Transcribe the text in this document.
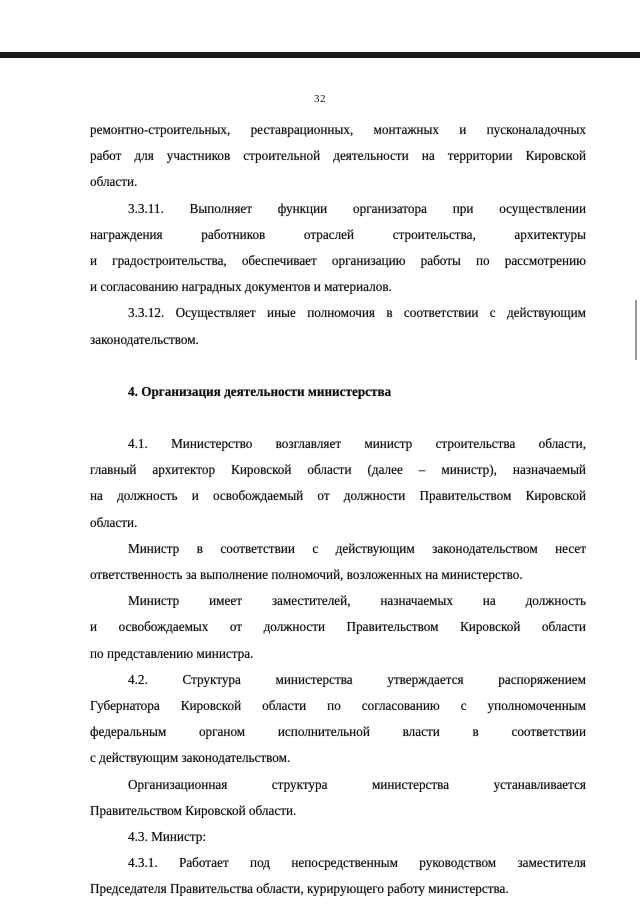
32
ремонтно-строительных, реставрационных, монтажных и пусконаладочных
работ для участников строительной деятельности на территории Кировской
области.
3.3.11. Выполняет функции организатора при осуществлении
награждения работников отраслей строительства, архитектуры
и градостроительства, обеспечивает организацию работы по рассмотрению
и согласованию наградных документов и материалов.
3.3.12. Осуществляет иные полномочия в соответствии с действующим
законодательством.
4. Организация деятельности министерства
4.1. Министерство возглавляет министр строительства области,
главный архитектор Кировской области (далее – министр), назначаемый
на должность и освобождаемый от должности Правительством Кировской
области.
Министр в соответствии с действующим законодательством несет
ответственность за выполнение полномочий, возложенных на министерство.
Министр имеет заместителей, назначаемых на должность
и освобождаемых от должности Правительством Кировской области
по представлению министра.
4.2. Структура министерства утверждается распоряжением
Губернатора Кировской области по согласованию с уполномоченным
федеральным органом исполнительной власти в соответствии
с действующим законодательством.
Организационная структура министерства устанавливается
Правительством Кировской области.
4.3. Министр:
4.3.1. Работает под непосредственным руководством заместителя
Председателя Правительства области, курирующего работу министерства.
